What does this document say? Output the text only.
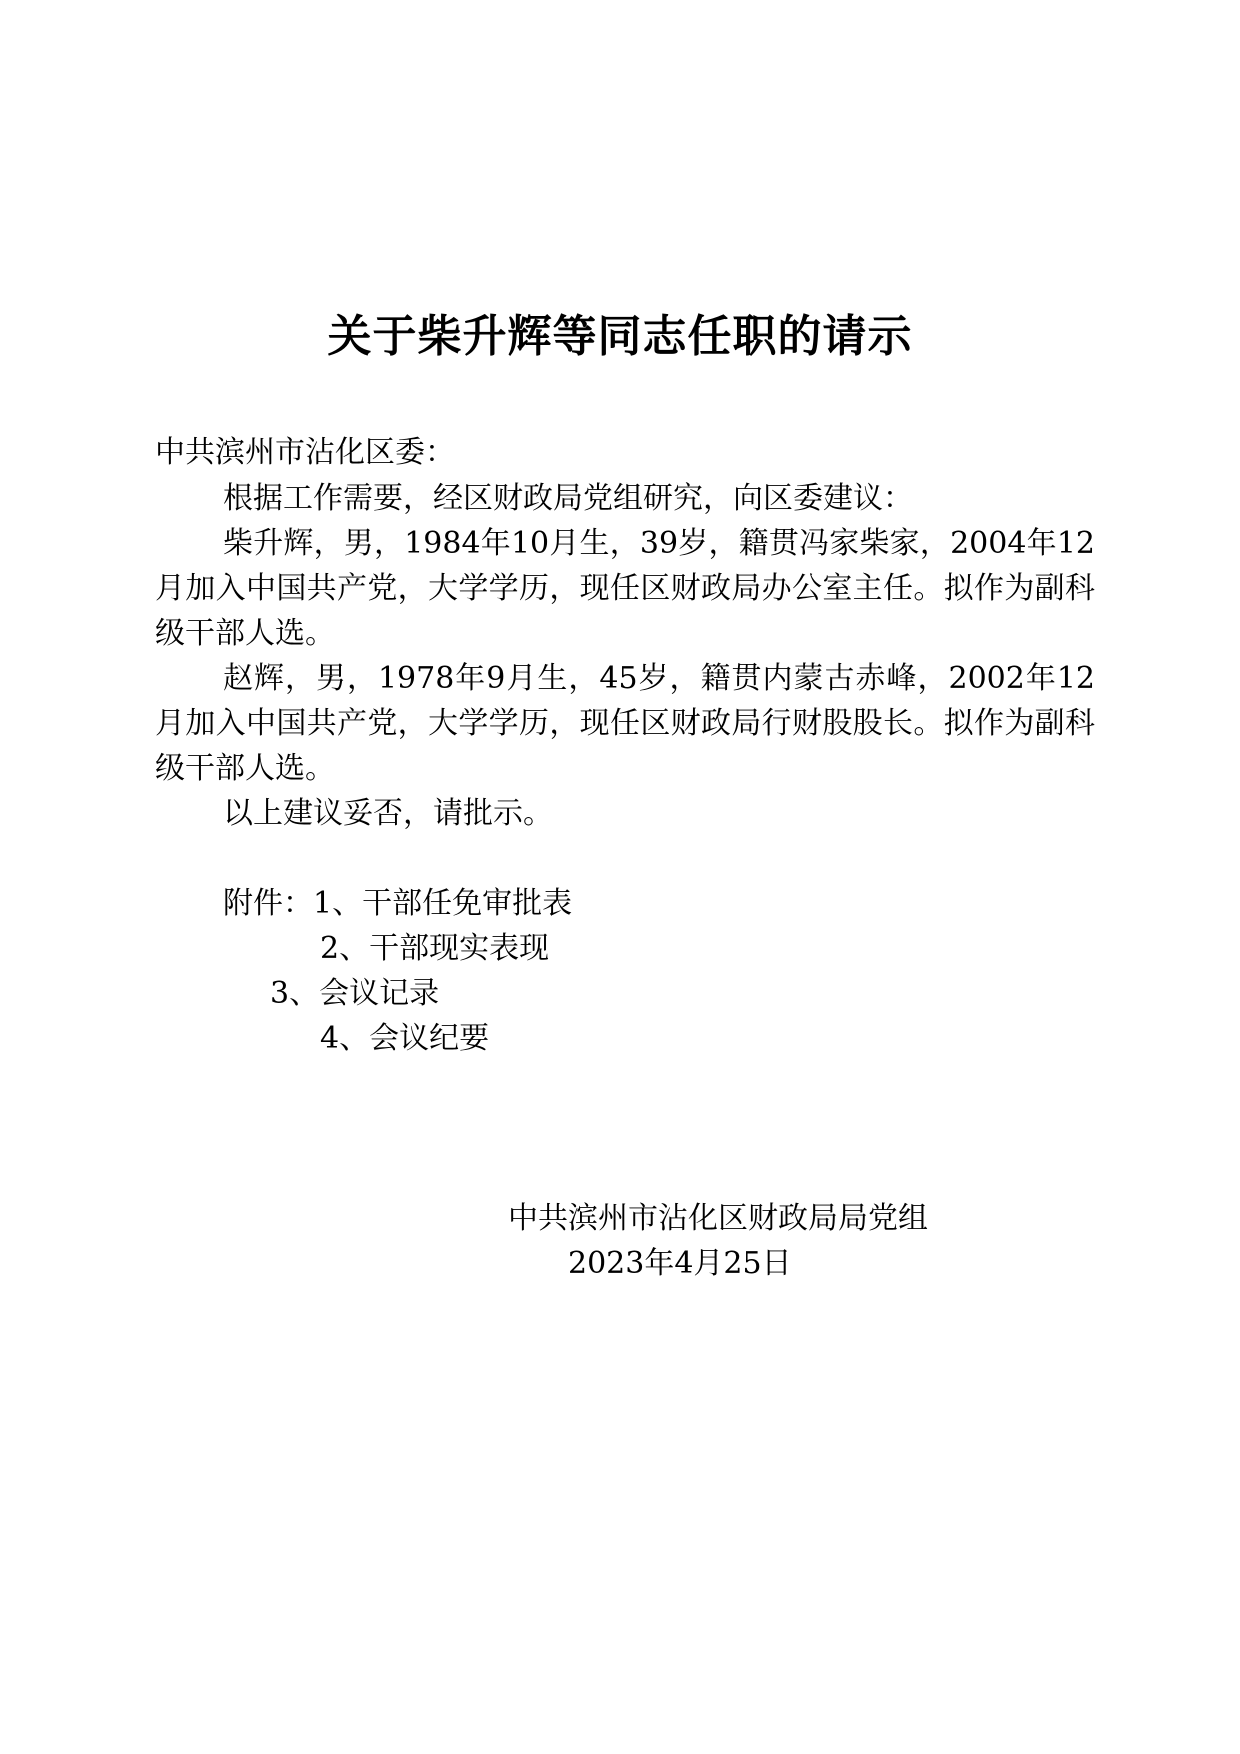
关于柴升辉等同志任职的请示
中共滨州市沾化区委：

根据工作需要，经区财政局党组研究，向区委建议：

柴升辉，男，1984年10月生，39岁，籍贯冯家柴家，2004年12月加入中国共产党，大学学历，现任区财政局办公室主任。拟作为副科级干部人选。

赵辉，男，1978年9月生，45岁，籍贯内蒙古赤峰，2002年12月加入中国共产党，大学学历，现任区财政局行财股股长。拟作为副科级干部人选。

以上建议妥否，请批示。

附件：1、干部任免审批表
2、干部现实表现
3、会议记录
4、会议纪要
中共滨州市沾化区财政局局党组
2023年4月25日
